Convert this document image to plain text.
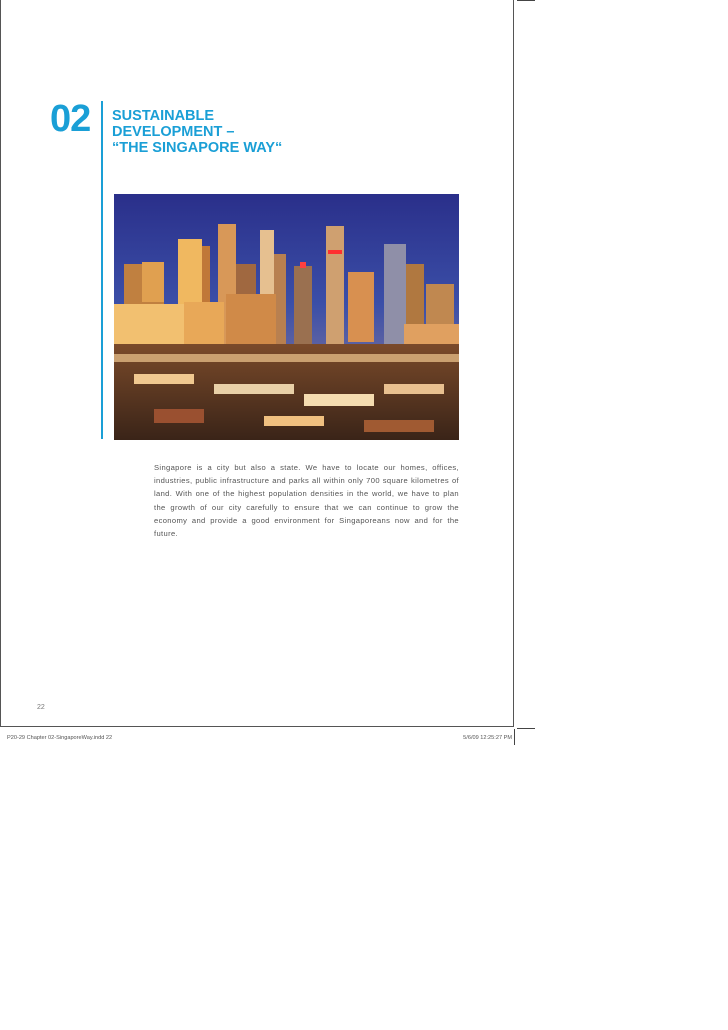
02 SUSTAINABLE
DEVELOPMENT –
“THE SINGAPORE WAY“
Singapore is a city but also a state. We have to locate our homes, offices, industries, public infrastructure and parks all within only 700 square kilometres of land. With one of the highest population densities in the world, we have to plan the growth of our city carefully to ensure that we can continue to grow the economy and provide a good environment for Singaporeans now and for the future.
22
P20-29 Chapter 02-SingaporeWay.indd 22	5/6/09 12:25:27 PM
